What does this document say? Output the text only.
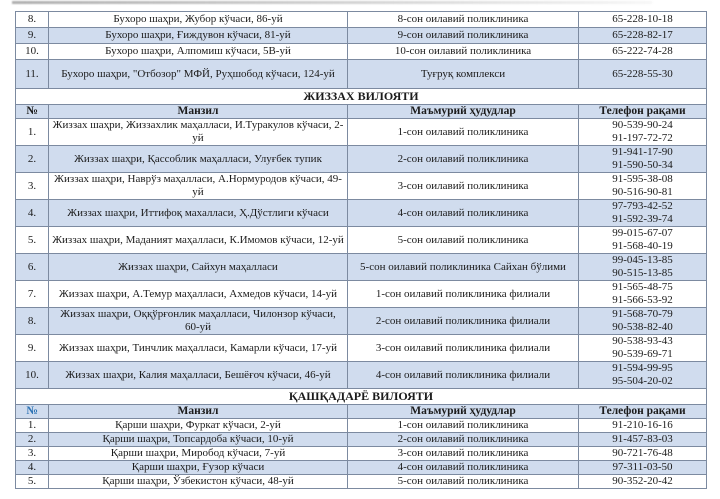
8.	Бухоро шаҳри, Жубор кўчаси, 86-уй	8-сон оилавий поликлиника	65-228-10-18

9.	Бухоро шаҳри, Ғиждувон кўчаси, 81-уй	9-сон оилавий поликлиника	65-228-82-17

10.	Бухоро шаҳри, Алпомиш кўчаси, 5В-уй	10-сон оилавий поликлиника	65-222-74-28

11.	Бухоро шаҳри, "Отбозор" МФЙ, Руҳшобод кўчаси, 124-уй	Туғруқ комплекси	65-228-55-30

ЖИЗЗАХ ВИЛОЯТИ			
№	Манзил	Маъмурий ҳудудлар	Телефон рақами
1.	Жиззах шаҳри, Жиззахлик маҳалласи, И.Туракулов кўчаси, 2-уй	1-сон оилавий поликлиника	90-539-90-24
91-197-72-72

2.	Жиззах шаҳри, Қассоблик маҳалласи, Улуғбек тупик	2-сон оилавий поликлиника	91-941-17-90
91-590-50-34

3.	Жиззах шаҳри, Наврўз маҳалласи, А.Нормуродов кўчаси, 49-уй	3-сон оилавий поликлиника	91-595-38-08
90-516-90-81

4.	Жиззах шаҳри, Иттифоқ махалласи, Ҳ.Дўстлиги кўчаси	4-сон оилавий поликлиника	97-793-42-52
91-592-39-74

5.	Жиззах шаҳри, Маданият маҳалласи, К.Имомов кўчаси, 12-уй	5-сон оилавий поликлиника	99-015-67-07
91-568-40-19

6.	Жиззах шаҳри, Сайхун маҳалласи	5-сон оилавий поликлиника Сайхан бўлими	99-045-13-85
90-515-13-85

7.	Жиззах шаҳри, А.Темур маҳалласи, Ахмедов кўчаси, 14-уй	1-сон оилавий поликлиника филиали	91-565-48-75
91-566-53-92

8.	Жиззах шаҳри, Оққўрғонлик маҳалласи, Чилонзор кўчаси, 60-уй	2-сон оилавий поликлиника филиали	91-568-70-79
90-538-82-40

9.	Жиззах шаҳри, Тинчлик маҳалласи, Камарли кўчаси, 17-уй	3-сон оилавий поликлиника филиали	90-538-93-43
90-539-69-71

10.	Жиззах шаҳри, Калия маҳалласи, Бешёғоч кўчаси, 46-уй	4-сон оилавий поликлиника филиали	91-594-99-95
95-504-20-02

ҚАШҚАДАРЁ ВИЛОЯТИ			
№	Манзил	Маъмурий ҳудудлар	Телефон рақами
1.	Қарши шаҳри, Фуркат кўчаси, 2-уй	1-сон оилавий поликлиника	91-210-16-16

2.	Қарши шаҳри, Топсардоба кўчаси, 10-уй	2-сон оилавий поликлиника	91-457-83-03

3.	Қарши шаҳри, Миробод кўчаси, 7-уй	3-сон оилавий поликлиника	90-721-76-48

4.	Қарши шаҳри, Ғузор кўчаси	4-сон оилавий поликлиника	97-311-03-50

5.	Қарши шаҳри, Ўзбекистон кўчаси, 48-уй	5-сон оилавий поликлиника	90-352-20-42
